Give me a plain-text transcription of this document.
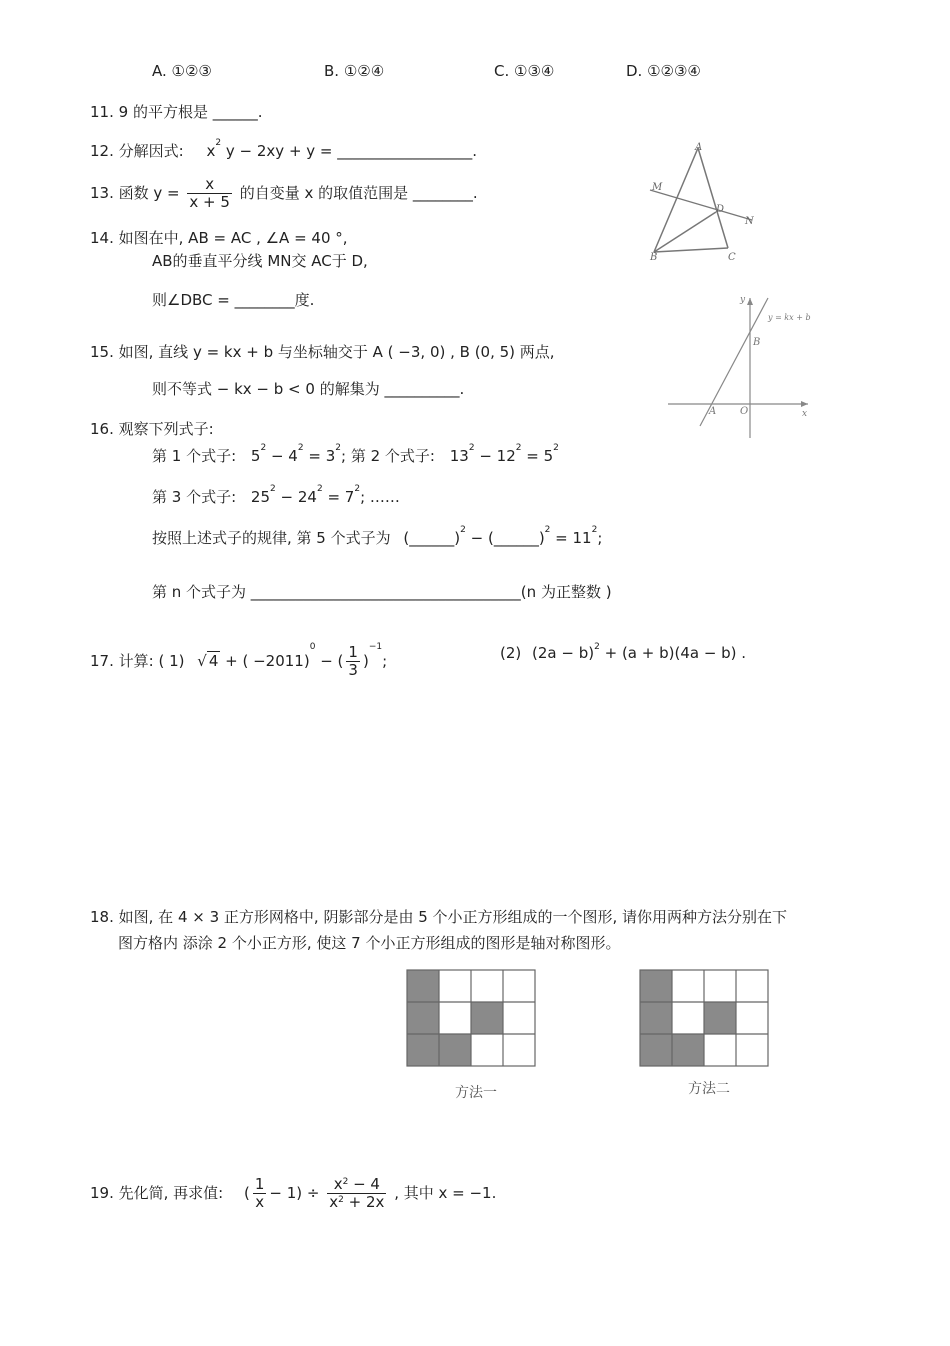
A. ①②③	B. ①②④	C. ①③④	D. ①②③④
11. 9 的平方根是 ______.
12. 分解因式: $x^2$ y − 2xy + y = __________________.
13. 函数 $y = \frac{x}{x + 5}$ 的自变量 x 的取值范围是 ________.
14. 如图在中, AB = AC , ∠A = 40 °,
AB的垂直平分线 MN交 AC于 D,
则∠DBC = ________度.
A
M
D
N
B	C
15. 如图, 直线 y = kx + b 与坐标轴交于 A ( −3, 0) , B (0, 5) 两点,
则不等式 − kx − b < 0 的解集为 __________.
y
x
O
A
B
y = kx + b
16. 观察下列式子:
第 1 个式子: $5^2 - 4^2 = 3^2$; 第 2 个式子: $13^2 - 12^2 = 5^2$
第 3 个式子: $25^2 - 24^2 = 7^2$; ……
按照上述式子的规律, 第 5 个式子为 (______)$^2$ − (______)$^2$ = $11^2$;
第 n 个式子为 ____________________________________(n 为正整数 )
17. 计算: ( 1) √ 4 + ( −2011)$^0$ − ( $\frac{1}{3} )^{-1}$;	(2) $(2a - b)^2 + (a + b)(4a - b)$ .
18. 如图, 在 4 × 3 正方形网格中, 阴影部分是由 5 个小正方形组成的一个图形, 请你用两种方法分别在下
图方格内 添涂 2 个小正方形, 使这 7 个小正方形组成的图形是轴对称图形。
方法一	方法二
19. 先化简, 再求值: ( $\frac{1}{x} - 1) \div \frac{x^2 - 4}{x^2 + 2x}$ , 其中 x = −1.
